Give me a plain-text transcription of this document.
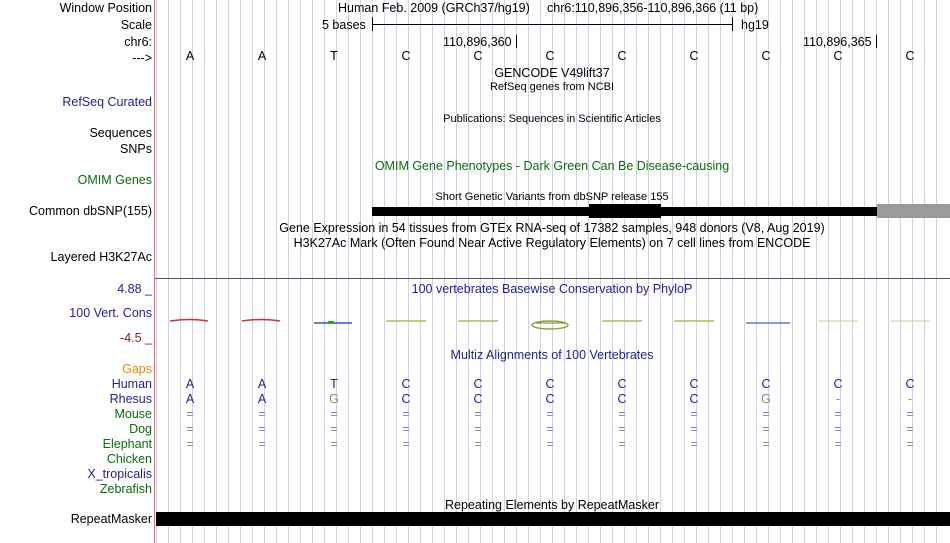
Window Position	Human Feb. 2009 (GRCh37/hg19) chr6:110,896,356-110,896,366 (11 bp)
Scale	5 bases	hg19
chr6:	110,896,360	110,896,365
--->	A	A	T	C	C	C	C	C	C	C	C
GENCODE V49lift37
RefSeq genes from NCBI
RefSeq Curated
Publications: Sequences in Scientific Articles
Sequences
SNPs
OMIM Gene Phenotypes - Dark Green Can Be Disease-causing
OMIM Genes
Short Genetic Variants from dbSNP release 155
Common dbSNP(155)
Gene Expression in 54 tissues from GTEx RNA-seq of 17382 samples, 948 donors (V8, Aug 2019)
H3K27Ac Mark (Often Found Near Active Regulatory Elements) on 7 cell lines from ENCODE
Layered H3K27Ac
4.88 _	100 vertebrates Basewise Conservation by PhyloP
100 Vert. Cons
-4.5 _
Multiz Alignments of 100 Vertebrates
Gaps
Human	A	A	T	C	C	C	C	C	C	C	C
Rhesus	A	A	G	C	C	C	C	C	G	-	-
Mouse	=	=	=	=	=	=	=	=	=	=	=
Dog	=	=	=	=	=	=	=	=	=	=	=
Elephant	=	=	=	=	=	=	=	=	=	=	=
Chicken
X_tropicalis
Zebrafish
Repeating Elements by RepeatMasker
RepeatMasker
